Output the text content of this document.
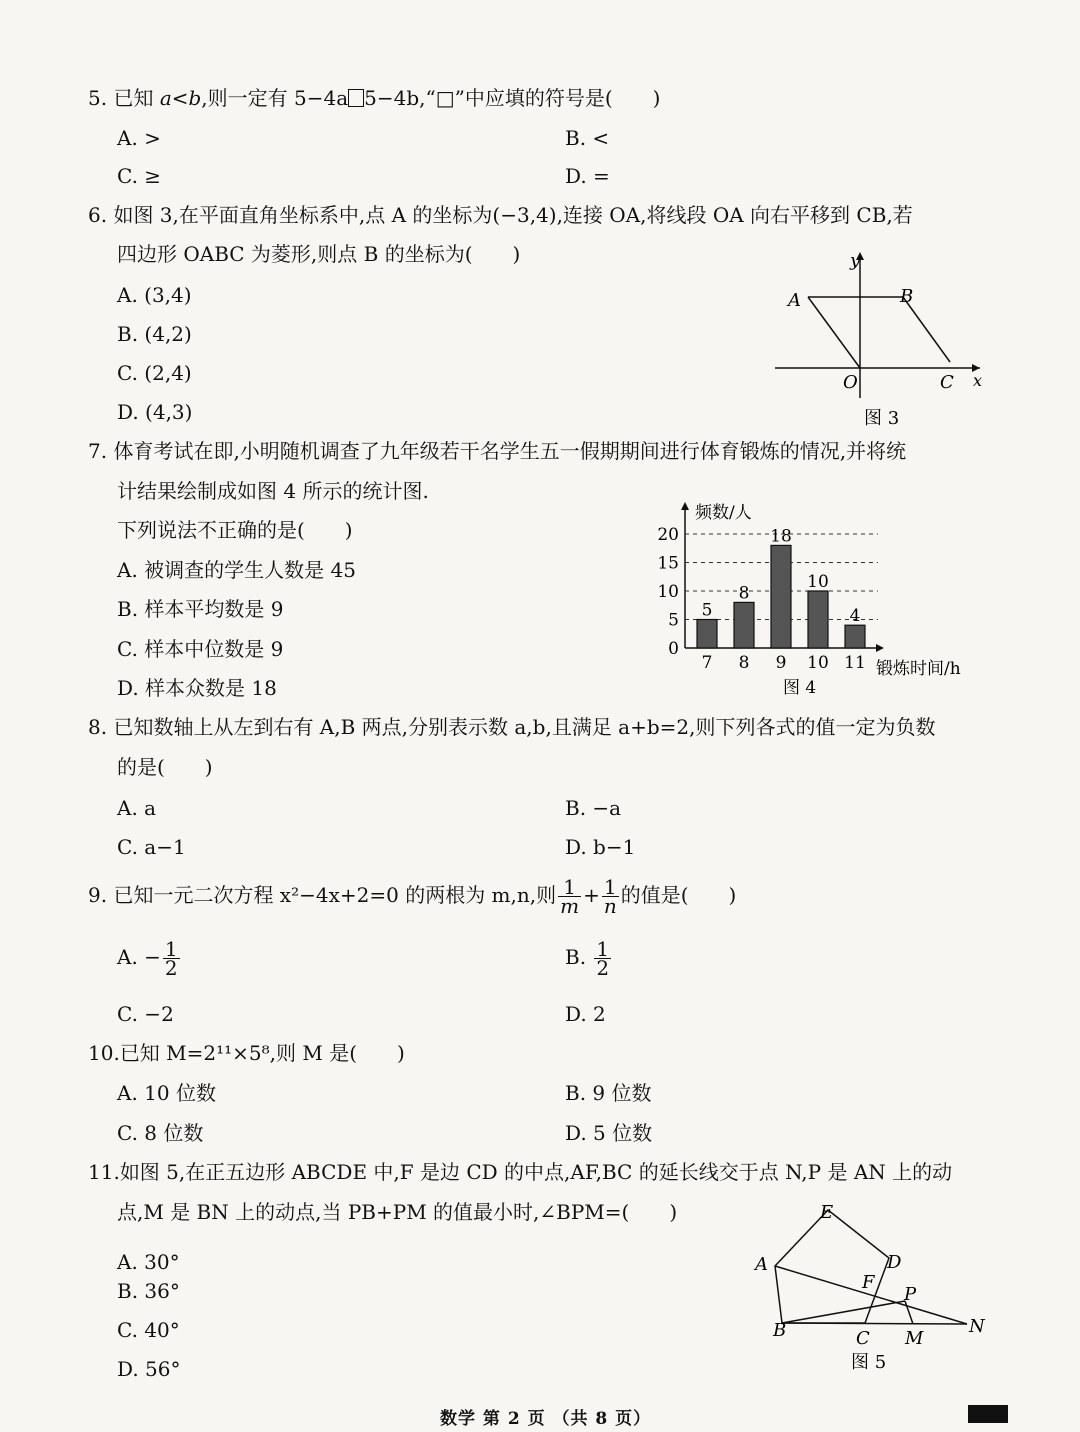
5. 已知 a<b,则一定有 5−4a 5−4b,“□”中应填的符号是(　　)
A. >	B. <
C. ≥	D. =
6. 如图 3,在平面直角坐标系中,点 A 的坐标为(−3,4),连接 OA,将线段 OA 向右平移到 CB,若
四边形 OABC 为菱形,则点 B 的坐标为(　　)
A. (3,4)
B. (4,2)
C. (2,4)
D. (4,3)
y
A	B
O	C x
图 3
7. 体育考试在即,小明随机调查了九年级若干名学生五一假期期间进行体育锻炼的情况,并将统
计结果绘制成如图 4 所示的统计图.
下列说法不正确的是(　　)
A. 被调查的学生人数是 45
B. 样本平均数是 9
C. 样本中位数是 9
D. 样本众数是 18
0
5
10
15
20
5
7
8
8
18
9
10
10
4
11
频数/人
锻炼时间/h
图 4
8. 已知数轴上从左到右有 A,B 两点,分别表示数 a,b,且满足 a+b=2,则下列各式的值一定为负数
的是(　　)
A. a	B. −a
C. a−1	D. b−1
9. 已知一元二次方程 x²−4x+2=0 的两根为 m,n,则 $\frac{1}{m} + \frac{1}{n}$ 的值是(　　)
A. − $\frac{1}{2}$	B. $\frac{1}{2}$
C. −2	D. 2
10.已知 M=2¹¹×5⁸,则 M 是(　　)
A. 10 位数	B. 9 位数
C. 8 位数	D. 5 位数
11.如图 5,在正五边形 ABCDE 中,F 是边 CD 的中点,AF,BC 的延长线交于点 N,P 是 AN 上的动
点,M 是 BN 上的动点,当 PB+PM 的值最小时,∠BPM=(　　)
A. 30°
B. 36°
C. 40°
D. 56°
E
A	D
F
P
B	C M
N
图 5
数学 第 2 页 （共 8 页）
